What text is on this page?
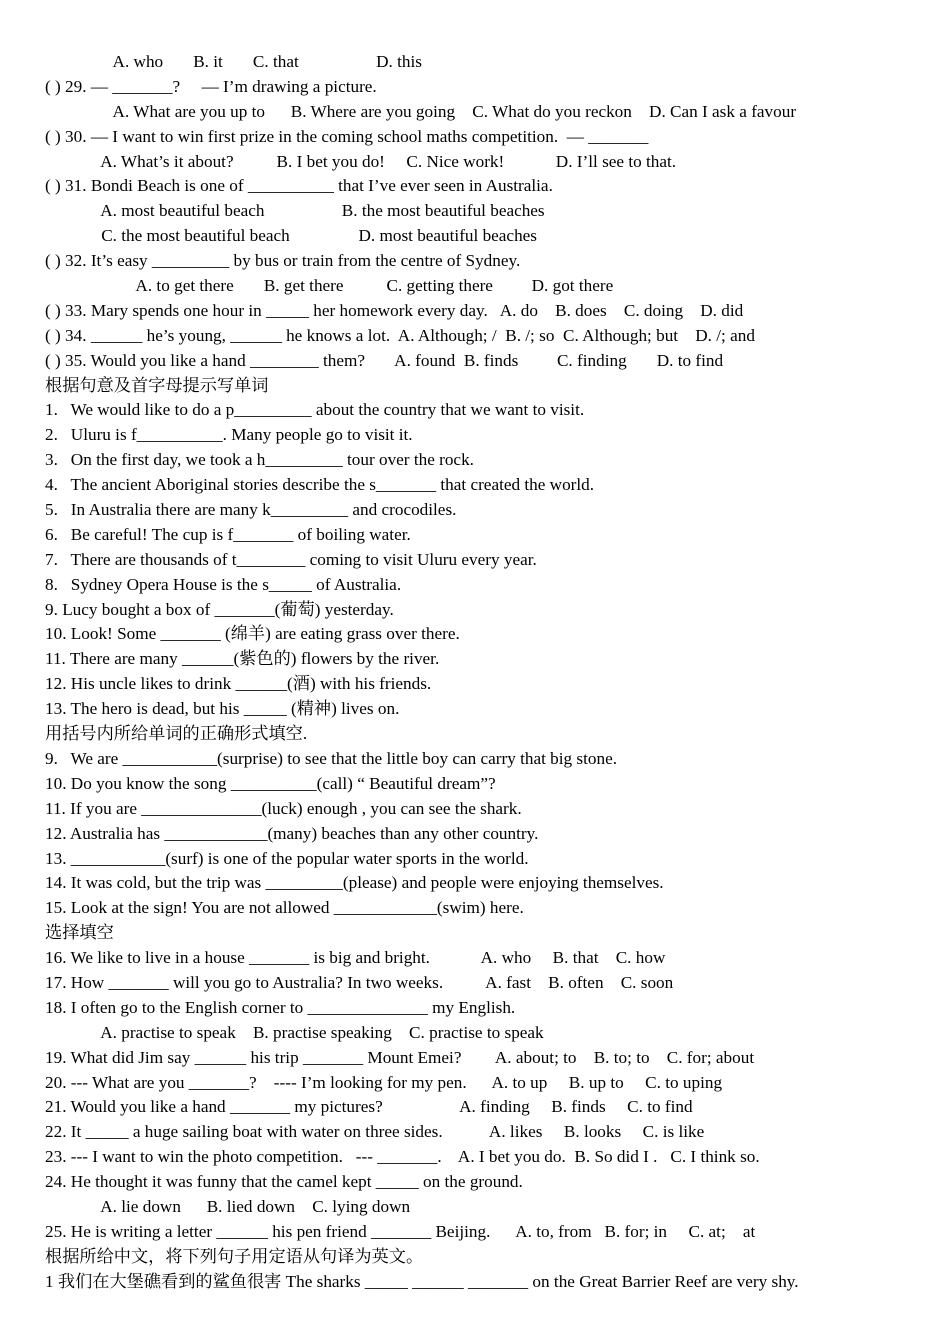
A. who       B. it       C. that                  D. this
( ) 29. — _______?     — I’m drawing a picture.
A. What are you up to      B. Where are you going    C. What do you reckon    D. Can I ask a favour
( ) 30. — I want to win first prize in the coming school maths competition.  — _______
A. What’s it about?          B. I bet you do!     C. Nice work!            D. I’ll see to that.
( ) 31. Bondi Beach is one of __________ that I’ve ever seen in Australia.
A. most beautiful beach                  B. the most beautiful beaches
C. the most beautiful beach                D. most beautiful beaches
( ) 32. It’s easy _________ by bus or train from the centre of Sydney.
A. to get there       B. get there          C. getting there         D. got there
( ) 33. Mary spends one hour in _____ her homework every day.   A. do    B. does    C. doing    D. did
( ) 34. ______ he’s young, ______ he knows a lot.  A. Although; /  B. /; so  C. Although; but    D. /; and
( ) 35. Would you like a hand ________ them?       A. found  B. finds         C. finding       D. to find
根据句意及首字母提示写单词
1.   We would like to do a p_________ about the country that we want to visit.
2.   Uluru is f__________. Many people go to visit it.
3.   On the first day, we took a h_________ tour over the rock.
4.   The ancient Aboriginal stories describe the s_______ that created the world.
5.   In Australia there are many k_________ and crocodiles.
6.   Be careful! The cup is f_______ of boiling water.
7.   There are thousands of t________ coming to visit Uluru every year.
8.   Sydney Opera House is the s_____ of Australia.
9. Lucy bought a box of _______(葡萄) yesterday.
10. Look! Some _______ (绵羊) are eating grass over there.
11. There are many ______(紫色的) flowers by the river.
12. His uncle likes to drink ______(酒) with his friends.
13. The hero is dead, but his _____ (精神) lives on.
用括号内所给单词的正确形式填空.
9.   We are ___________(surprise) to see that the little boy can carry that big stone.
10. Do you know the song __________(call) “ Beautiful dream”?
11. If you are ______________(luck) enough , you can see the shark.
12. Australia has ____________(many) beaches than any other country.
13. ___________(surf) is one of the popular water sports in the world.
14. It was cold, but the trip was _________(please) and people were enjoying themselves.
15. Look at the sign! You are not allowed ____________(swim) here.
选择填空
16. We like to live in a house _______ is big and bright.            A. who     B. that    C. how
17. How _______ will you go to Australia? In two weeks.          A. fast    B. often    C. soon
18. I often go to the English corner to ______________ my English.
A. practise to speak    B. practise speaking    C. practise to speak
19. What did Jim say ______ his trip _______ Mount Emei?        A. about; to    B. to; to    C. for; about
20. --- What are you _______?    ---- I’m looking for my pen.      A. to up     B. up to     C. to uping
21. Would you like a hand _______ my pictures?                  A. finding     B. finds     C. to find
22. It _____ a huge sailing boat with water on three sides.           A. likes     B. looks     C. is like
23. --- I want to win the photo competition.   --- _______.    A. I bet you do.  B. So did I .   C. I think so.
24. He thought it was funny that the camel kept _____ on the ground.
A. lie down      B. lied down    C. lying down
25. He is writing a letter ______ his pen friend _______ Beijing.      A. to, from   B. for; in     C. at;    at
根据所给中文，将下列句子用定语从句译为英文。
1 我们在大堡礁看到的鲨鱼很害 The sharks _____ ______ _______ on the Great Barrier Reef are very shy.
